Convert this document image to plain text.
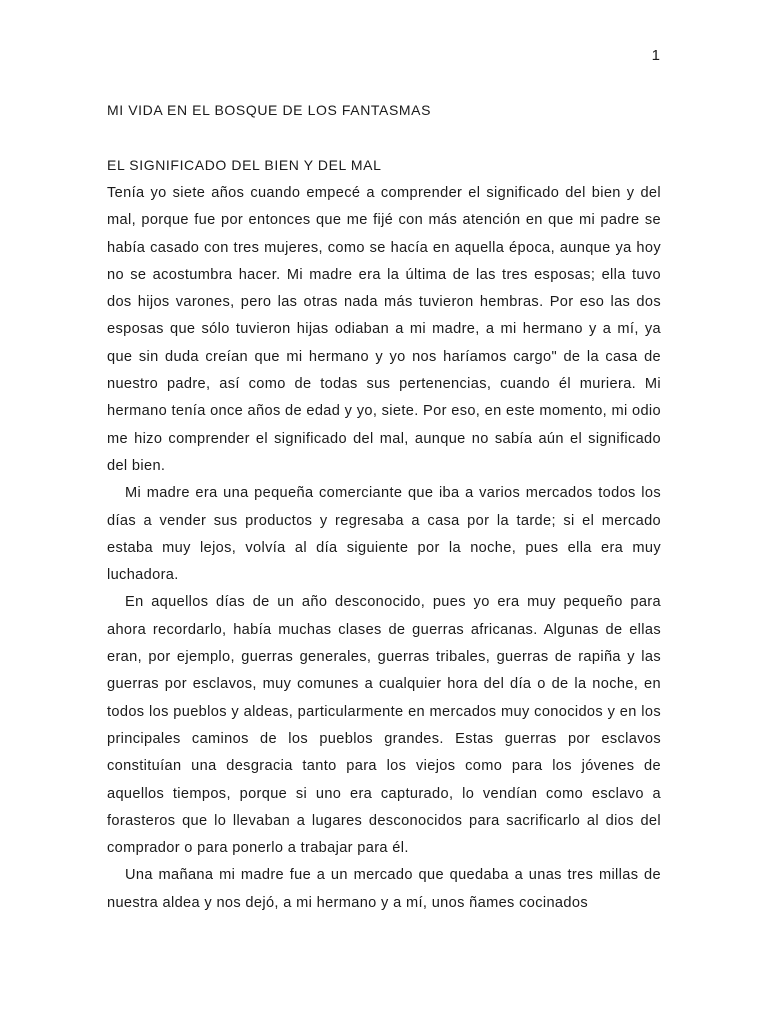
1
MI VIDA EN EL BOSQUE DE LOS FANTASMAS
EL SIGNIFICADO DEL BIEN Y DEL MAL

Tenía yo siete años cuando empecé a comprender el significado del bien y del mal, porque fue por entonces que me fijé con más atención en que mi padre se había casado con tres mujeres, como se hacía en aquella época, aunque ya hoy no se acostumbra hacer. Mi madre era la última de las tres esposas; ella tuvo dos hijos varones, pero las otras nada más tuvieron hembras. Por eso las dos esposas que sólo tuvieron hijas odiaban a mi madre, a mi hermano y a mí, ya que sin duda creían que mi hermano y yo nos haríamos cargo" de la casa de nuestro padre, así como de todas sus pertenencias, cuando él muriera. Mi hermano tenía once años de edad y yo, siete. Por eso, en este momento, mi odio me hizo comprender el significado del mal, aunque no sabía aún el significado del bien.

Mi madre era una pequeña comerciante que iba a varios mercados todos los días a vender sus productos y regresaba a casa por la tarde; si el mercado estaba muy lejos, volvía al día siguiente por la noche, pues ella era muy luchadora.

En aquellos días de un año desconocido, pues yo era muy pequeño para ahora recordarlo, había muchas clases de guerras africanas. Algunas de ellas eran, por ejemplo, guerras generales, guerras tribales, guerras de rapiña y las guerras por esclavos, muy comunes a cualquier hora del día o de la noche, en todos los pueblos y aldeas, particularmente en mercados muy conocidos y en los principales caminos de los pueblos grandes. Estas guerras por esclavos constituían una desgracia tanto para los viejos como para los jóvenes de aquellos tiempos, porque si uno era capturado, lo vendían como esclavo a forasteros que lo llevaban a lugares desconocidos para sacrificarlo al dios del comprador o para ponerlo a trabajar para él.

Una mañana mi madre fue a un mercado que quedaba a unas tres millas de nuestra aldea y nos dejó, a mi hermano y a mí, unos ñames cocinados
